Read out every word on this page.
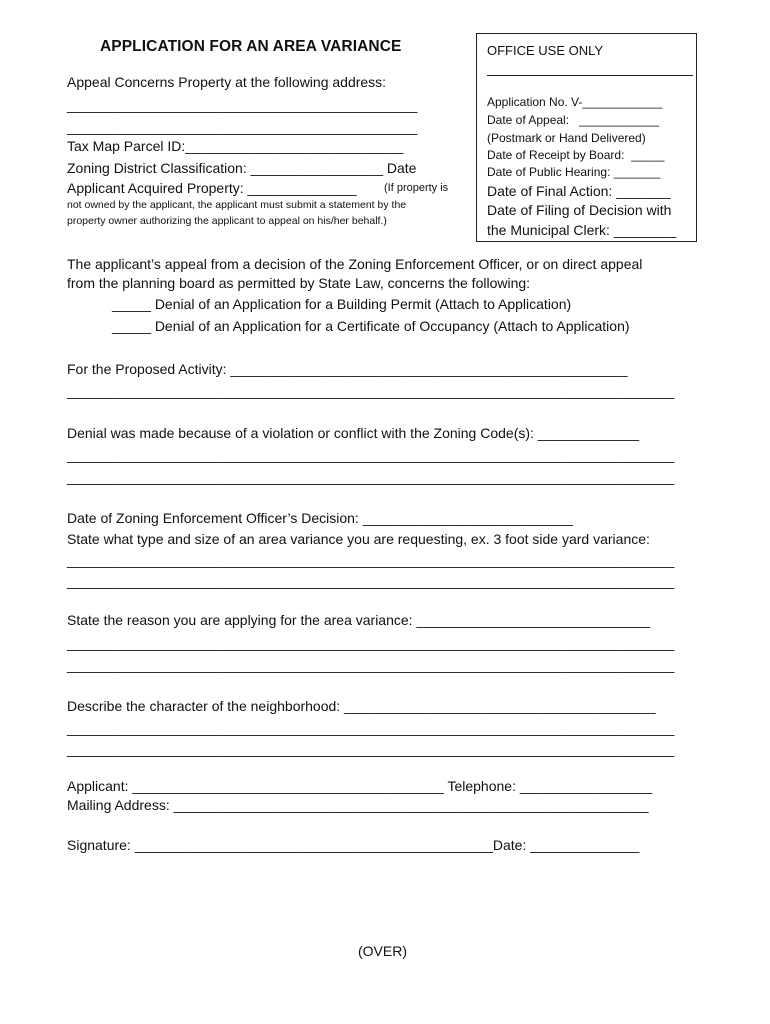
APPLICATION FOR AN AREA VARIANCE
Appeal Concerns Property at the following address:
_____________________________________________
_____________________________________________
Tax Map Parcel ID:____________________________
Zoning District Classification: _________________ Date
Applicant Acquired Property: ______________ (If property is
not owned by the applicant, the applicant must submit a statement by the
property owner authorizing the applicant to appeal on his/her behalf.)
OFFICE USE ONLY
Application No. V-____________
Date of Appeal:   ____________
(Postmark or Hand Delivered)
Date of Receipt by Board:  _____
Date of Public Hearing: _______
Date of Final Action: _______
Date of Filing of Decision with
the Municipal Clerk: ________
The applicant’s appeal from a decision of the Zoning Enforcement Officer, or on direct appeal
from the planning board as permitted by State Law, concerns the following:
_____ Denial of an Application for a Building Permit (Attach to Application)
_____ Denial of an Application for a Certificate of Occupancy (Attach to Application)
For the Proposed Activity: ___________________________________________________
______________________________________________________________________________
Denial was made because of a violation or conflict with the Zoning Code(s): _____________
______________________________________________________________________________
______________________________________________________________________________
Date of Zoning Enforcement Officer’s Decision: ___________________________
State what type and size of an area variance you are requesting, ex. 3 foot side yard variance:
______________________________________________________________________________
______________________________________________________________________________
State the reason you are applying for the area variance: ______________________________
______________________________________________________________________________
______________________________________________________________________________
Describe the character of the neighborhood: ________________________________________
______________________________________________________________________________
______________________________________________________________________________
Applicant: ________________________________________ Telephone: _________________
Mailing Address: _____________________________________________________________
Signature: ______________________________________________Date: ______________
(OVER)
